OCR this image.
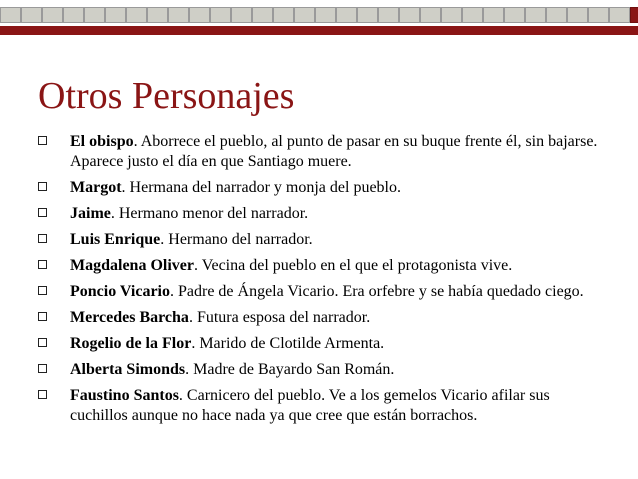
Otros Personajes
El obispo. Aborrece el pueblo, al punto de pasar en su buque frente él, sin bajarse. Aparece justo el día en que Santiago muere.
Margot. Hermana del narrador y monja del pueblo.
Jaime. Hermano menor del narrador.
Luis Enrique. Hermano del narrador.
Magdalena Oliver. Vecina del pueblo en el que el protagonista vive.
Poncio Vicario. Padre de Ángela Vicario. Era orfebre y se había quedado ciego.
Mercedes Barcha. Futura esposa del narrador.
Rogelio de la Flor. Marido de Clotilde Armenta.
Alberta Simonds. Madre de Bayardo San Román.
Faustino Santos. Carnicero del pueblo. Ve a los gemelos Vicario afilar sus cuchillos aunque no hace nada ya que cree que están borrachos.
